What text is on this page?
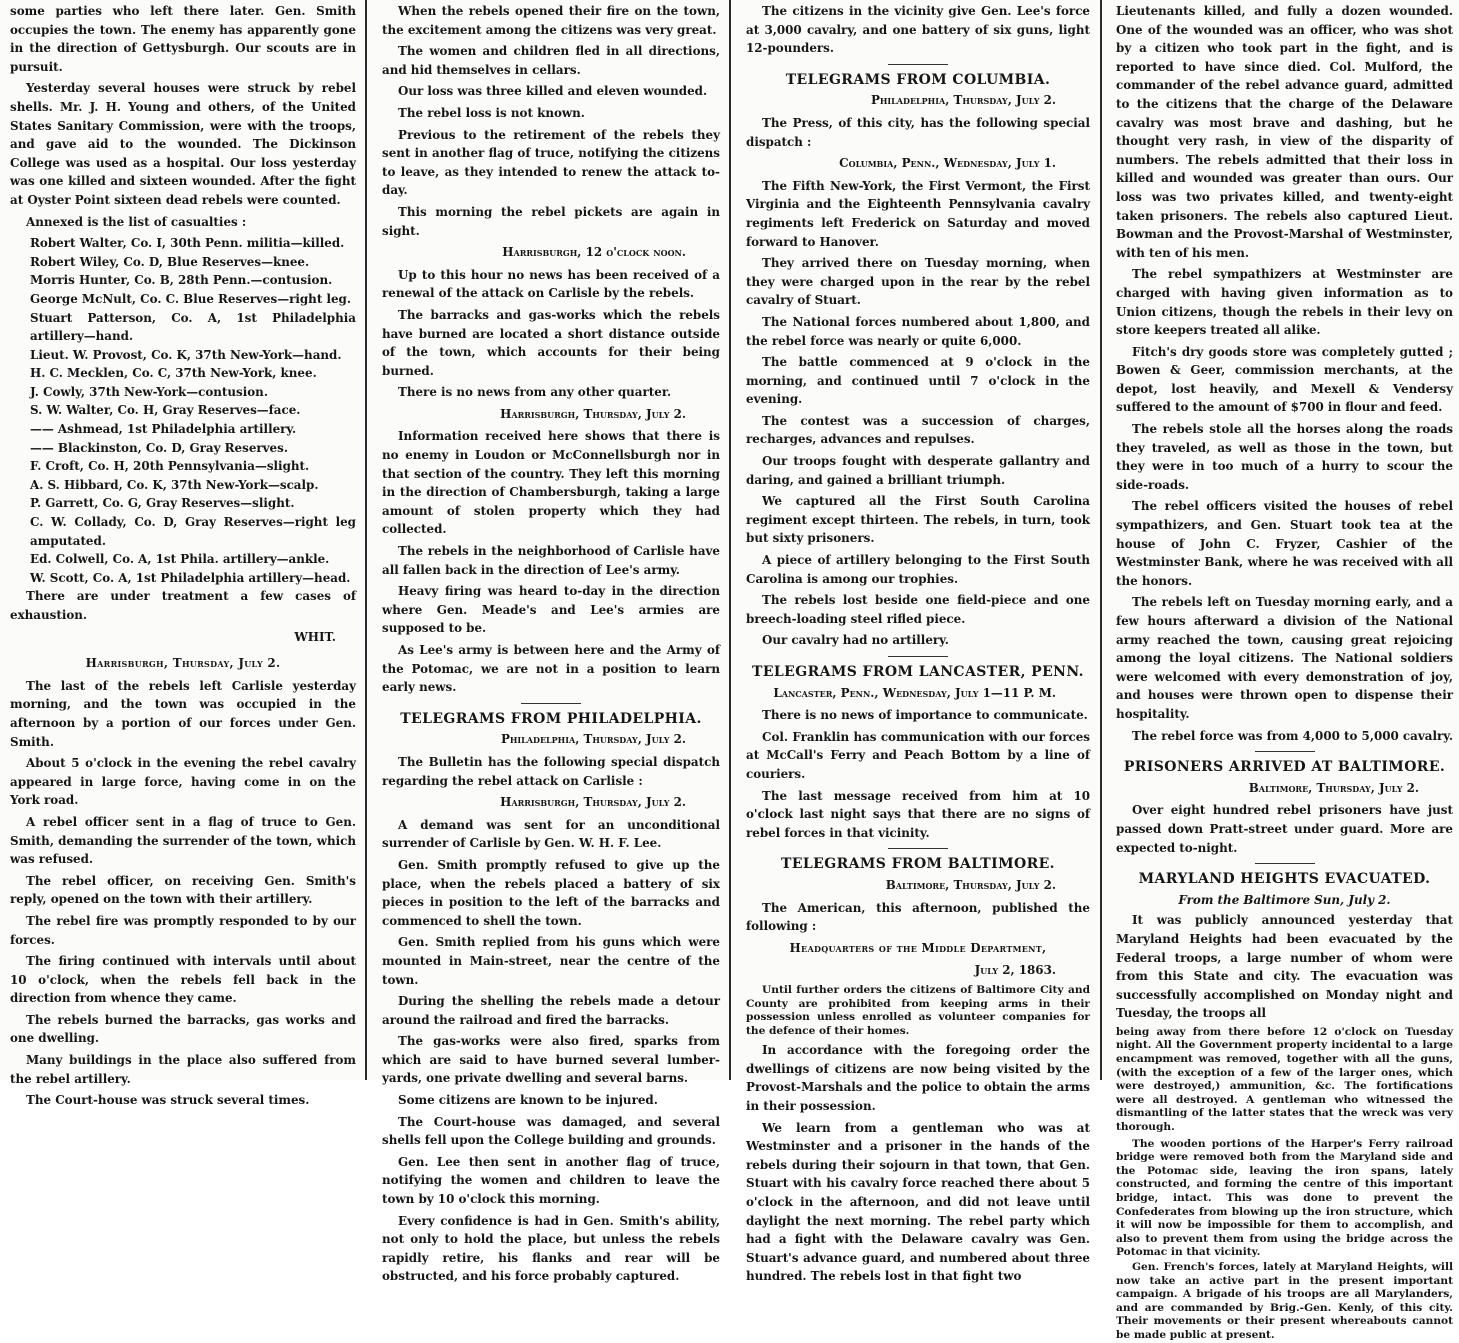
some parties who left there later. Gen. Smith occupies the town. The enemy has apparently gone in the direction of Gettysburgh. Our scouts are in pursuit.

Yesterday several houses were struck by rebel shells. Mr. J. H. Young and others, of the United States Sanitary Commission, were with the troops, and gave aid to the wounded. The Dickinson College was used as a hospital. Our loss yesterday was one killed and sixteen wounded. After the fight at Oyster Point sixteen dead rebels were counted.

Annexed is the list of casualties :

Robert Walter, Co. I, 30th Penn. militia—killed.

Robert Wiley, Co. D, Blue Reserves—knee.

Morris Hunter, Co. B, 28th Penn.—contusion.

George McNult, Co. C. Blue Reserves—right leg.

Stuart Patterson, Co. A, 1st Philadelphia artillery—hand.

Lieut. W. Provost, Co. K, 37th New-York—hand.

H. C. Mecklen, Co. C, 37th New-York, knee.

J. Cowly, 37th New-York—contusion.

S. W. Walter, Co. H, Gray Reserves—face.

—— Ashmead, 1st Philadelphia artillery.

—— Blackinston, Co. D, Gray Reserves.

F. Croft, Co. H, 20th Pennsylvania—slight.

A. S. Hibbard, Co. K, 37th New-York—scalp.

P. Garrett, Co. G, Gray Reserves—slight.

C. W. Collady, Co. D, Gray Reserves—right leg amputated.

Ed. Colwell, Co. A, 1st Phila. artillery—ankle.

W. Scott, Co. A, 1st Philadelphia artillery—head.

There are under treatment a few cases of exhaustion.

WHIT.
Harrisburgh, Thursday, July 2.

The last of the rebels left Carlisle yesterday morning, and the town was occupied in the afternoon by a portion of our forces under Gen. Smith.

About 5 o'clock in the evening the rebel cavalry appeared in large force, having come in on the York road.

A rebel officer sent in a flag of truce to Gen. Smith, demanding the surrender of the town, which was refused.

The rebel officer, on receiving Gen. Smith's reply, opened on the town with their artillery.

The rebel fire was promptly responded to by our forces.

The firing continued with intervals until about 10 o'clock, when the rebels fell back in the direction from whence they came.

The rebels burned the barracks, gas works and one dwelling.

Many buildings in the place also suffered from the rebel artillery.

The Court-house was struck several times.

When the rebels opened their fire on the town, the excitement among the citizens was very great.

The women and children fled in all directions, and hid themselves in cellars.

Our loss was three killed and eleven wounded.

The rebel loss is not known.

Previous to the retirement of the rebels they sent in another flag of truce, notifying the citizens to leave, as they intended to renew the attack to-day.

This morning the rebel pickets are again in sight.

Harrisburgh, 12 o'clock noon.

Up to this hour no news has been received of a renewal of the attack on Carlisle by the rebels.

The barracks and gas-works which the rebels have burned are located a short distance outside of the town, which accounts for their being burned.

There is no news from any other quarter.

Harrisburgh, Thursday, July 2.

Information received here shows that there is no enemy in Loudon or McConnellsburgh nor in that section of the country. They left this morning in the direction of Chambersburgh, taking a large amount of stolen property which they had collected.

The rebels in the neighborhood of Carlisle have all fallen back in the direction of Lee's army.

Heavy firing was heard to-day in the direction where Gen. Meade's and Lee's armies are supposed to be.

As Lee's army is between here and the Army of the Potomac, we are not in a position to learn early news.

TELEGRAMS FROM PHILADELPHIA.
Philadelphia, Thursday, July 2.

The Bulletin has the following special dispatch regarding the rebel attack on Carlisle :

Harrisburgh, Thursday, July 2.

A demand was sent for an unconditional surrender of Carlisle by Gen. W. H. F. Lee.

Gen. Smith promptly refused to give up the place, when the rebels placed a battery of six pieces in position to the left of the barracks and commenced to shell the town.

Gen. Smith replied from his guns which were mounted in Main-street, near the centre of the town.

During the shelling the rebels made a detour around the railroad and fired the barracks.

The gas-works were also fired, sparks from which are said to have burned several lumber-yards, one private dwelling and several barns.

Some citizens are known to be injured.

The Court-house was damaged, and several shells fell upon the College building and grounds.

Gen. Lee then sent in another flag of truce, notifying the women and children to leave the town by 10 o'clock this morning.

Every confidence is had in Gen. Smith's ability, not only to hold the place, but unless the rebels rapidly retire, his flanks and rear will be obstructed, and his force probably captured.

The citizens in the vicinity give Gen. Lee's force at 3,000 cavalry, and one battery of six guns, light 12-pounders.

TELEGRAMS FROM COLUMBIA.
Philadelphia, Thursday, July 2.

The Press, of this city, has the following special dispatch :

Columbia, Penn., Wednesday, July 1.

The Fifth New-York, the First Vermont, the First Virginia and the Eighteenth Pennsylvania cavalry regiments left Frederick on Saturday and moved forward to Hanover.

They arrived there on Tuesday morning, when they were charged upon in the rear by the rebel cavalry of Stuart.

The National forces numbered about 1,800, and the rebel force was nearly or quite 6,000.

The battle commenced at 9 o'clock in the morning, and continued until 7 o'clock in the evening.

The contest was a succession of charges, recharges, advances and repulses.

Our troops fought with desperate gallantry and daring, and gained a brilliant triumph.

We captured all the First South Carolina regiment except thirteen. The rebels, in turn, took but sixty prisoners.

A piece of artillery belonging to the First South Carolina is among our trophies.

The rebels lost beside one field-piece and one breech-loading steel rifled piece.

Our cavalry had no artillery.

TELEGRAMS FROM LANCASTER, PENN.
Lancaster, Penn., Wednesday, July 1—11 P. M.

There is no news of importance to communicate.

Col. Franklin has communication with our forces at McCall's Ferry and Peach Bottom by a line of couriers.

The last message received from him at 10 o'clock last night says that there are no signs of rebel forces in that vicinity.

TELEGRAMS FROM BALTIMORE.
Baltimore, Thursday, July 2.

The American, this afternoon, published the following :

Headquarters of the Middle Department,
July 2, 1863.

Until further orders the citizens of Baltimore City and County are prohibited from keeping arms in their possession unless enrolled as volunteer companies for the defence of their homes.

In accordance with the foregoing order the dwellings of citizens are now being visited by the Provost-Marshals and the police to obtain the arms in their possession.

We learn from a gentleman who was at Westminster and a prisoner in the hands of the rebels during their sojourn in that town, that Gen. Stuart with his cavalry force reached there about 5 o'clock in the afternoon, and did not leave until daylight the next morning. The rebel party which had a fight with the Delaware cavalry was Gen. Stuart's advance guard, and numbered about three hundred. The rebels lost in that fight two

Lieutenants killed, and fully a dozen wounded. One of the wounded was an officer, who was shot by a citizen who took part in the fight, and is reported to have since died. Col. Mulford, the commander of the rebel advance guard, admitted to the citizens that the charge of the Delaware cavalry was most brave and dashing, but he thought very rash, in view of the disparity of numbers. The rebels admitted that their loss in killed and wounded was greater than ours. Our loss was two privates killed, and twenty-eight taken prisoners. The rebels also captured Lieut. Bowman and the Provost-Marshal of Westminster, with ten of his men.

The rebel sympathizers at Westminster are charged with having given information as to Union citizens, though the rebels in their levy on store keepers treated all alike.

Fitch's dry goods store was completely gutted ; Bowen & Geer, commission merchants, at the depot, lost heavily, and Mexell & Vendersy suffered to the amount of $700 in flour and feed.

The rebels stole all the horses along the roads they traveled, as well as those in the town, but they were in too much of a hurry to scour the side-roads.

The rebel officers visited the houses of rebel sympathizers, and Gen. Stuart took tea at the house of John C. Fryzer, Cashier of the Westminster Bank, where he was received with all the honors.

The rebels left on Tuesday morning early, and a few hours afterward a division of the National army reached the town, causing great rejoicing among the loyal citizens. The National soldiers were welcomed with every demonstration of joy, and houses were thrown open to dispense their hospitality.

The rebel force was from 4,000 to 5,000 cavalry.

PRISONERS ARRIVED AT BALTIMORE.
Baltimore, Thursday, July 2.

Over eight hundred rebel prisoners have just passed down Pratt-street under guard. More are expected to-night.

MARYLAND HEIGHTS EVACUATED.
From the Baltimore Sun, July 2.

It was publicly announced yesterday that Maryland Heights had been evacuated by the Federal troops, a large number of whom were from this State and city. The evacuation was successfully accomplished on Monday night and Tuesday, the troops all

being away from there before 12 o'clock on Tuesday night. All the Government property incidental to a large encampment was removed, together with all the guns, (with the exception of a few of the larger ones, which were destroyed,) ammunition, &c. The fortifications were all destroyed. A gentleman who witnessed the dismantling of the latter states that the wreck was very thorough.

The wooden portions of the Harper's Ferry railroad bridge were removed both from the Maryland side and the Potomac side, leaving the iron spans, lately constructed, and forming the centre of this important bridge, intact. This was done to prevent the Confederates from blowing up the iron structure, which it will now be impossible for them to accomplish, and also to prevent them from using the bridge across the Potomac in that vicinity.

Gen. French's forces, lately at Maryland Heights, will now take an active part in the present important campaign. A brigade of his troops are all Marylanders, and are commanded by Brig.-Gen. Kenly, of this city. Their movements or their present whereabouts cannot be made public at present.
